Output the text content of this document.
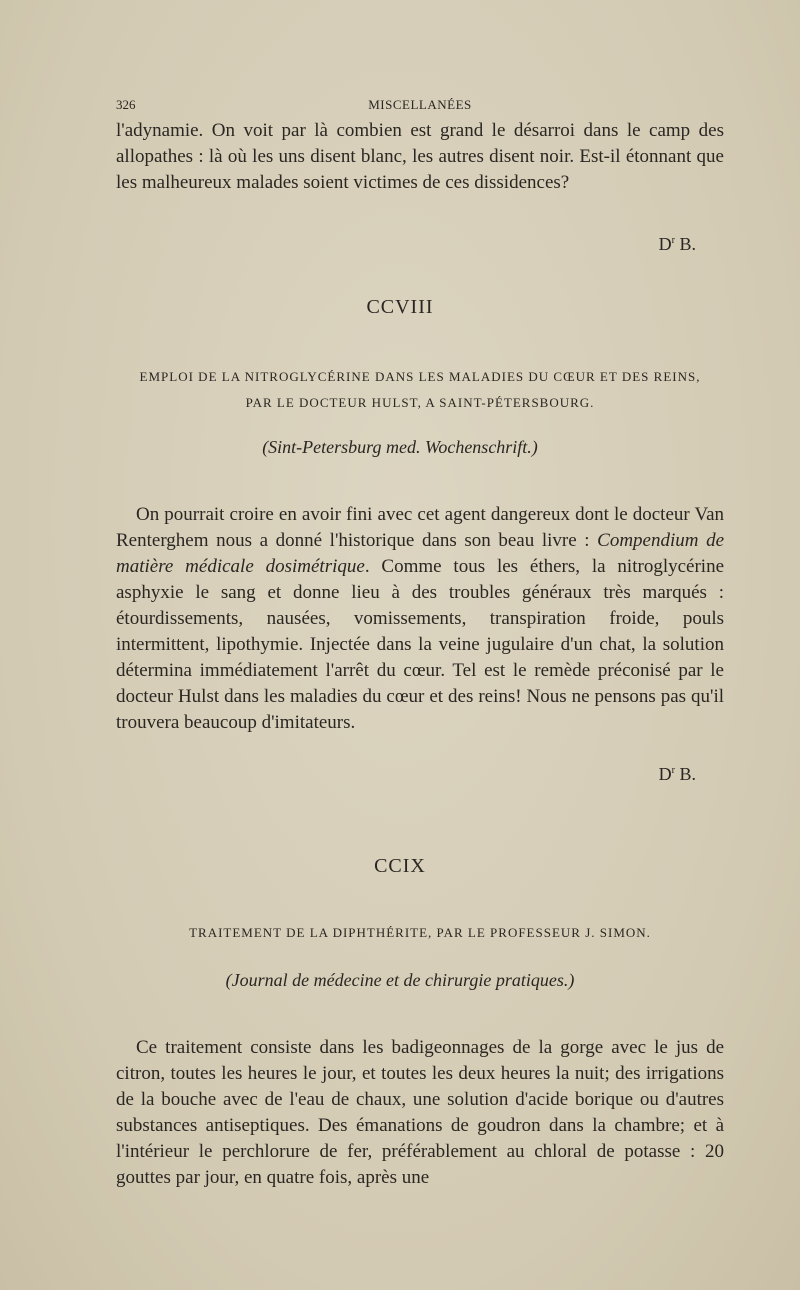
326	MISCELLANÉES

l'adynamie. On voit par là combien est grand le désarroi dans le camp des allopathes : là où les uns disent blanc, les autres disent noir. Est-il étonnant que les malheureux malades soient victimes de ces dissidences?

$D^r$ B.
CCVIII
EMPLOI DE LA NITROGLYCÉRINE DANS LES MALADIES DU CŒUR ET DES REINS,
PAR LE DOCTEUR HULST, A SAINT-PÉTERSBOURG.
(Sint-Petersburg med. Wochenschrift.)

On pourrait croire en avoir fini avec cet agent dangereux dont le docteur Van Renterghem nous a donné l'historique dans son beau livre : Compendium de matière médicale dosimétrique. Comme tous les éthers, la nitroglycérine asphyxie le sang et donne lieu à des troubles généraux très marqués : étourdissements, nausées, vomissements, transpiration froide, pouls intermittent, lipothymie. Injectée dans la veine jugulaire d'un chat, la solution détermina immédiatement l'arrêt du cœur. Tel est le remède préconisé par le docteur Hulst dans les maladies du cœur et des reins! Nous ne pensons pas qu'il trouvera beaucoup d'imitateurs.

$D^r$ B.
CCIX
TRAITEMENT DE LA DIPHTHÉRITE, PAR LE PROFESSEUR J. SIMON.
(Journal de médecine et de chirurgie pratiques.)

Ce traitement consiste dans les badigeonnages de la gorge avec le jus de citron, toutes les heures le jour, et toutes les deux heures la nuit; des irrigations de la bouche avec de l'eau de chaux, une solution d'acide borique ou d'autres substances antiseptiques. Des émanations de goudron dans la chambre; et à l'intérieur le perchlorure de fer, préférablement au chloral de potasse : 20 gouttes par jour, en quatre fois, après une
